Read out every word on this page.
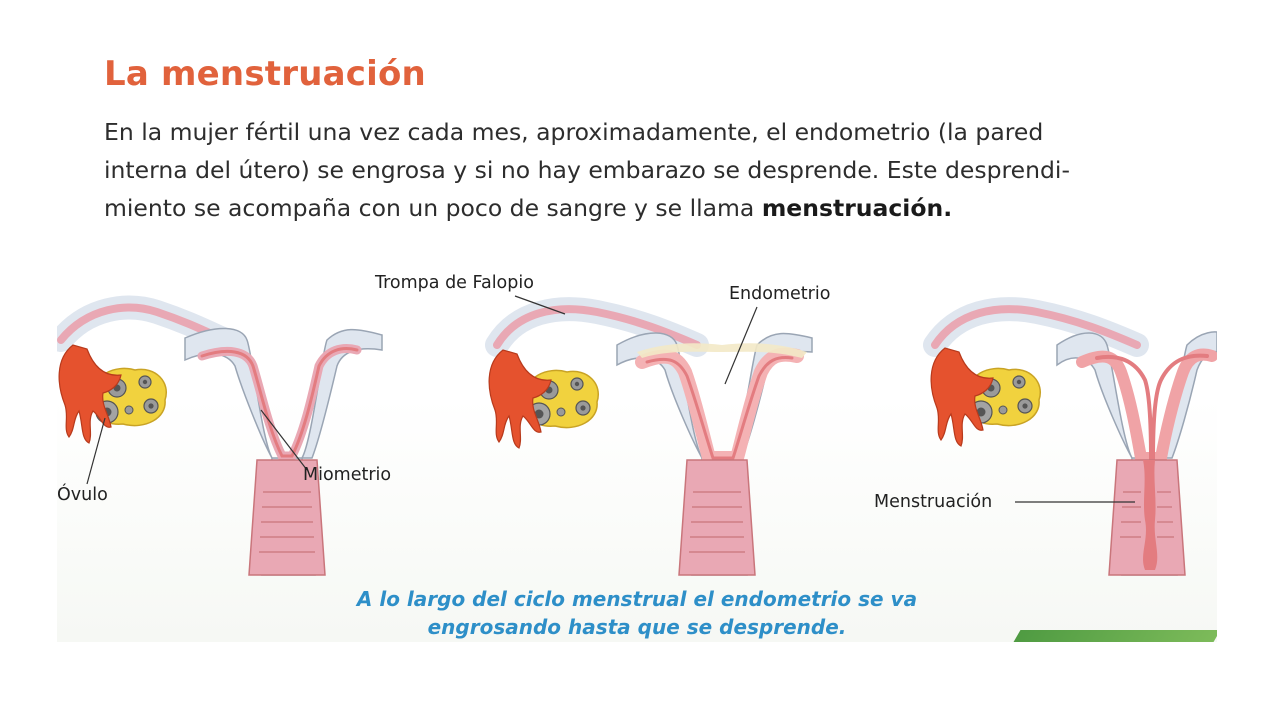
La menstruación

En la mujer fértil una vez cada mes, aproximadamente, el endometrio (la pared

interna del útero) se engrosa y si no hay embarazo se desprende. Este desprendi-

miento se acompaña con un poco de sangre y se llama menstruación.

Óvulo
Miometrio
Trompa de Falopio
Endometrio
Menstruación

A lo largo del ciclo menstrual el endometrio se va

engrosando hasta que se desprende.
